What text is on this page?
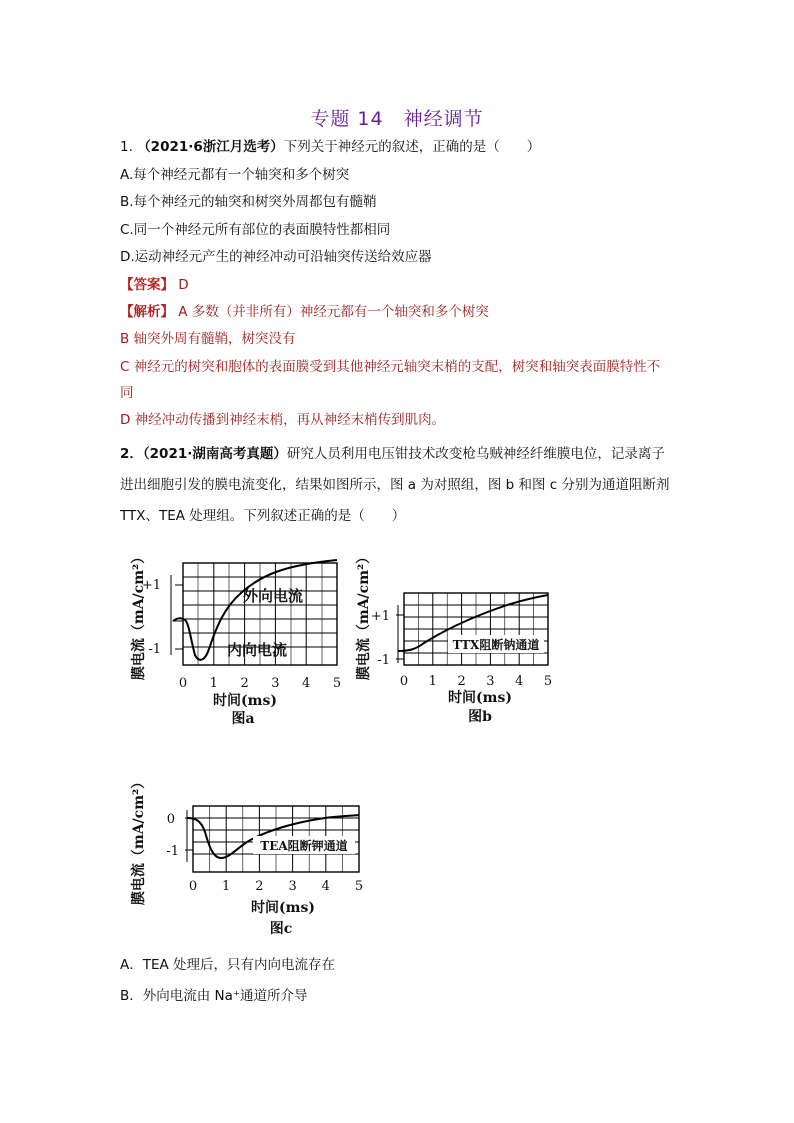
专题 14　神经调节
1. （2021·6浙江月选考）下列关于神经元的叙述，正确的是（　　）
A.每个神经元都有一个轴突和多个树突
B.每个神经元的轴突和树突外周都包有髓鞘
C.同一个神经元所有部位的表面膜特性都相同
D.运动神经元产生的神经冲动可沿轴突传送给效应器
【答案】 D
【解析】 A 多数（并非所有）神经元都有一个轴突和多个树突
B 轴突外周有髓鞘，树突没有
C 神经元的树突和胞体的表面膜受到其他神经元轴突末梢的支配，树突和轴突表面膜特性不
同
D 神经冲动传播到神经末梢，再从神经末梢传到肌肉。
2．（2021·湖南高考真题）研究人员利用电压钳技术改变枪乌贼神经纤维膜电位，记录离子
进出细胞引发的膜电流变化，结果如图所示，图 a 为对照组，图 b 和图 c 分别为通道阻断剂
TTX、TEA 处理组。下列叙述正确的是（　　）
膜电流（mA/cm²）
+1
-1
外向电流
内向电流
0 1 2 3 4 5
时间(ms)
图a
膜电流（mA/cm²）	TTX阻断钠通道
+1
-1
0 1 2 3 4 5
时间(ms)
图b
膜电流（mA/cm²）	TEA阻断钾通道
0
-1
0 1 2 3 4 5
时间(ms)
图c
A．TEA 处理后，只有内向电流存在
B．外向电流由 Na⁺通道所介导
